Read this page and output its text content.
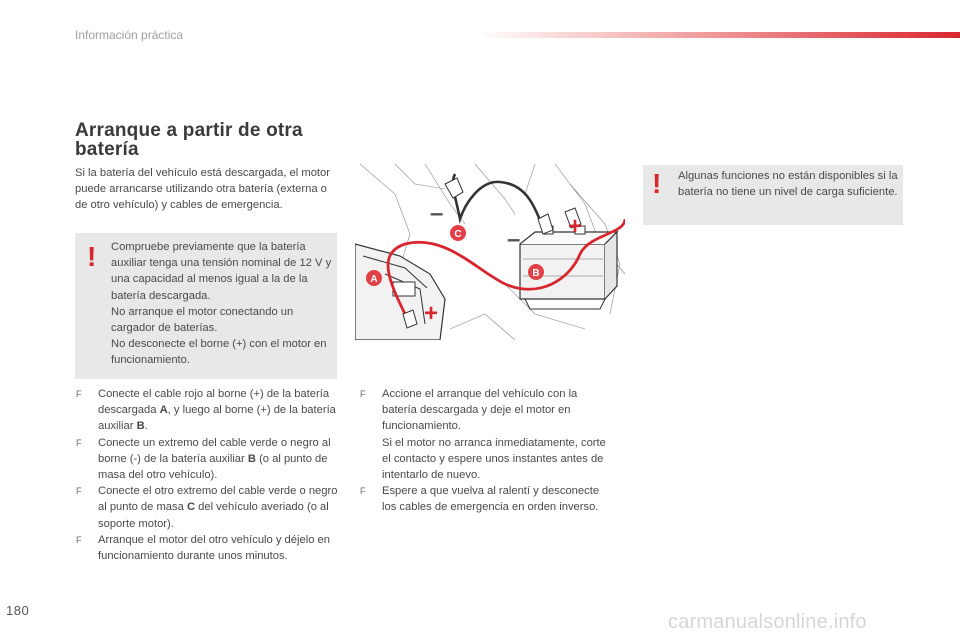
Información práctica
Arranque a partir de otra batería
Si la batería del vehículo está descargada, el motor puede arrancarse utilizando otra batería (externa o de otro vehículo) y cables de emergencia.
! Compruebe previamente que la batería auxiliar tenga una tensión nominal de 12 V y una capacidad al menos igual a la de la batería descargada.
No arranque el motor conectando un cargador de baterías.
No desconecte el borne (+) con el motor en funcionamiento.
! Algunas funciones no están disponibles si la batería no tiene un nivel de carga suficiente.
F Conecte el cable rojo al borne (+) de la batería descargada A, y luego al borne (+) de la batería auxiliar B.
F Conecte un extremo del cable verde o negro al borne (-) de la batería auxiliar B (o al punto de masa del otro vehículo).
F Conecte el otro extremo del cable verde o negro al punto de masa C del vehículo averiado (o al soporte motor).
F Arranque el motor del otro vehículo y déjelo en funcionamiento durante unos minutos.
F Accione el arranque del vehículo con la batería descargada y deje el motor en funcionamiento.
Si el motor no arranca inmediatamente, corte el contacto y espere unos instantes antes de intentarlo de nuevo.
F Espere a que vuelva al ralentí y desconecte los cables de emergencia en orden inverso.
–
– +
+
A
B
C
180
carmanualsonline.info
